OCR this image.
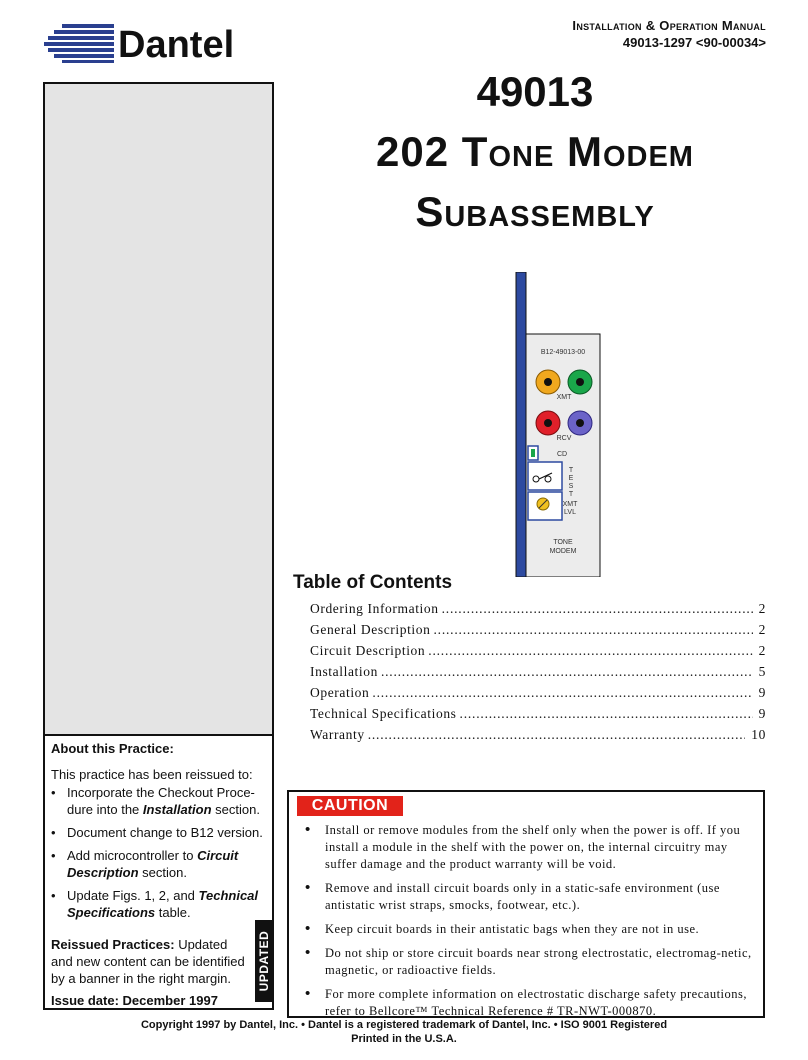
Dantel	Installation & Operation Manual
49013-1297 <90-00034>
49013
202 Tone Modem
Subassembly
About this Practice:
This practice has been reissued to:
• Incorporate the Checkout Proce-dure into the Installation section.
• Document change to B12 version.
• Add microcontroller to Circuit Description section.
• Update Figs. 1, 2, and Technical Specifications table.
Reissued Practices: Updated and new content can be identified by a banner in the right margin.
Issue date: December 1997
UPDATED
B12-49013-00
XMT
RCV
CD
T
E
S
T
XMT
LVL
TONE
MODEM
Table of Contents
Ordering Information .....	2
General Description .....	2
Circuit Description .....	2
Installation .....	5
Operation .....	9
Technical Specifications .....	9
Warranty .....	10
CAUTION
• Install or remove modules from the shelf only when the power is off. If you install a module in the shelf with the power on, the internal circuitry may suffer damage and the product warranty will be void.
• Remove and install circuit boards only in a static-safe environment (use antistatic wrist straps, smocks, footwear, etc.).
• Keep circuit boards in their antistatic bags when they are not in use.
• Do not ship or store circuit boards near strong electrostatic, electromag-netic, magnetic, or radioactive fields.
• For more complete information on electrostatic discharge safety precautions, refer to Bellcore™ Technical Reference # TR-NWT-000870.
Copyright 1997 by Dantel, Inc. • Dantel is a registered trademark of Dantel, Inc. • ISO 9001 Registered
Printed in the U.S.A.
